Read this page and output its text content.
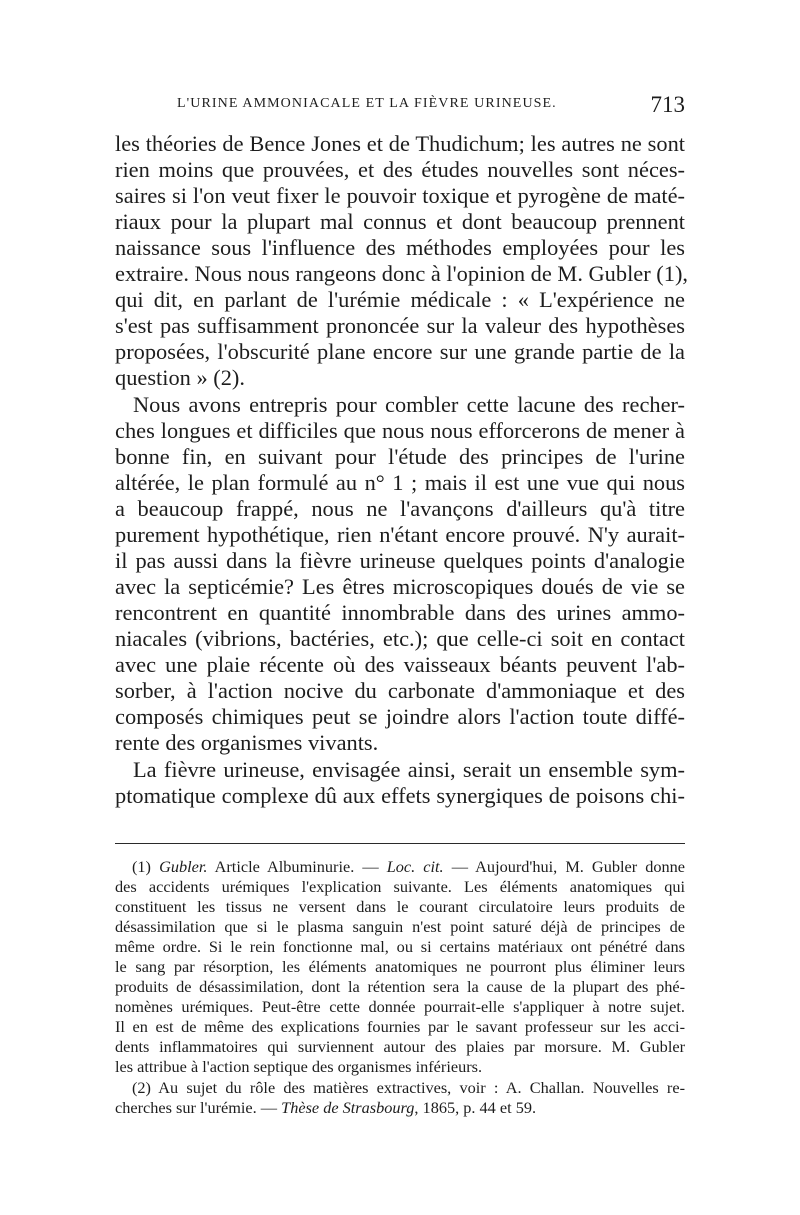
L'URINE AMMONIACALE ET LA FIÈVRE URINEUSE.	713
les théories de Bence Jones et de Thudichum; les autres ne sont
rien moins que prouvées, et des études nouvelles sont néces-
saires si l'on veut fixer le pouvoir toxique et pyrogène de maté-
riaux pour la plupart mal connus et dont beaucoup prennent
naissance sous l'influence des méthodes employées pour les
extraire. Nous nous rangeons donc à l'opinion de M. Gubler (1),
qui dit, en parlant de l'urémie médicale : « L'expérience ne
s'est pas suffisamment prononcée sur la valeur des hypothèses
proposées, l'obscurité plane encore sur une grande partie de la
question » (2).
Nous avons entrepris pour combler cette lacune des recher-
ches longues et difficiles que nous nous efforcerons de mener à
bonne fin, en suivant pour l'étude des principes de l'urine
altérée, le plan formulé au n° 1 ; mais il est une vue qui nous
a beaucoup frappé, nous ne l'avançons d'ailleurs qu'à titre
purement hypothétique, rien n'étant encore prouvé. N'y aurait-
il pas aussi dans la fièvre urineuse quelques points d'analogie
avec la septicémie? Les êtres microscopiques doués de vie se
rencontrent en quantité innombrable dans des urines ammo-
niacales (vibrions, bactéries, etc.); que celle-ci soit en contact
avec une plaie récente où des vaisseaux béants peuvent l'ab-
sorber, à l'action nocive du carbonate d'ammoniaque et des
composés chimiques peut se joindre alors l'action toute diffé-
rente des organismes vivants.
La fièvre urineuse, envisagée ainsi, serait un ensemble sym-
ptomatique complexe dû aux effets synergiques de poisons chi-
(1) Gubler. Article Albuminurie. — Loc. cit. — Aujourd'hui, M. Gubler donne
des accidents urémiques l'explication suivante. Les éléments anatomiques qui
constituent les tissus ne versent dans le courant circulatoire leurs produits de
désassimilation que si le plasma sanguin n'est point saturé déjà de principes de
même ordre. Si le rein fonctionne mal, ou si certains matériaux ont pénétré dans
le sang par résorption, les éléments anatomiques ne pourront plus éliminer leurs
produits de désassimilation, dont la rétention sera la cause de la plupart des phé-
nomènes urémiques. Peut-être cette donnée pourrait-elle s'appliquer à notre sujet.
Il en est de même des explications fournies par le savant professeur sur les acci-
dents inflammatoires qui surviennent autour des plaies par morsure. M. Gubler
les attribue à l'action septique des organismes inférieurs.
(2) Au sujet du rôle des matières extractives, voir : A. Challan. Nouvelles re-
cherches sur l'urémie. — Thèse de Strasbourg, 1865, p. 44 et 59.
